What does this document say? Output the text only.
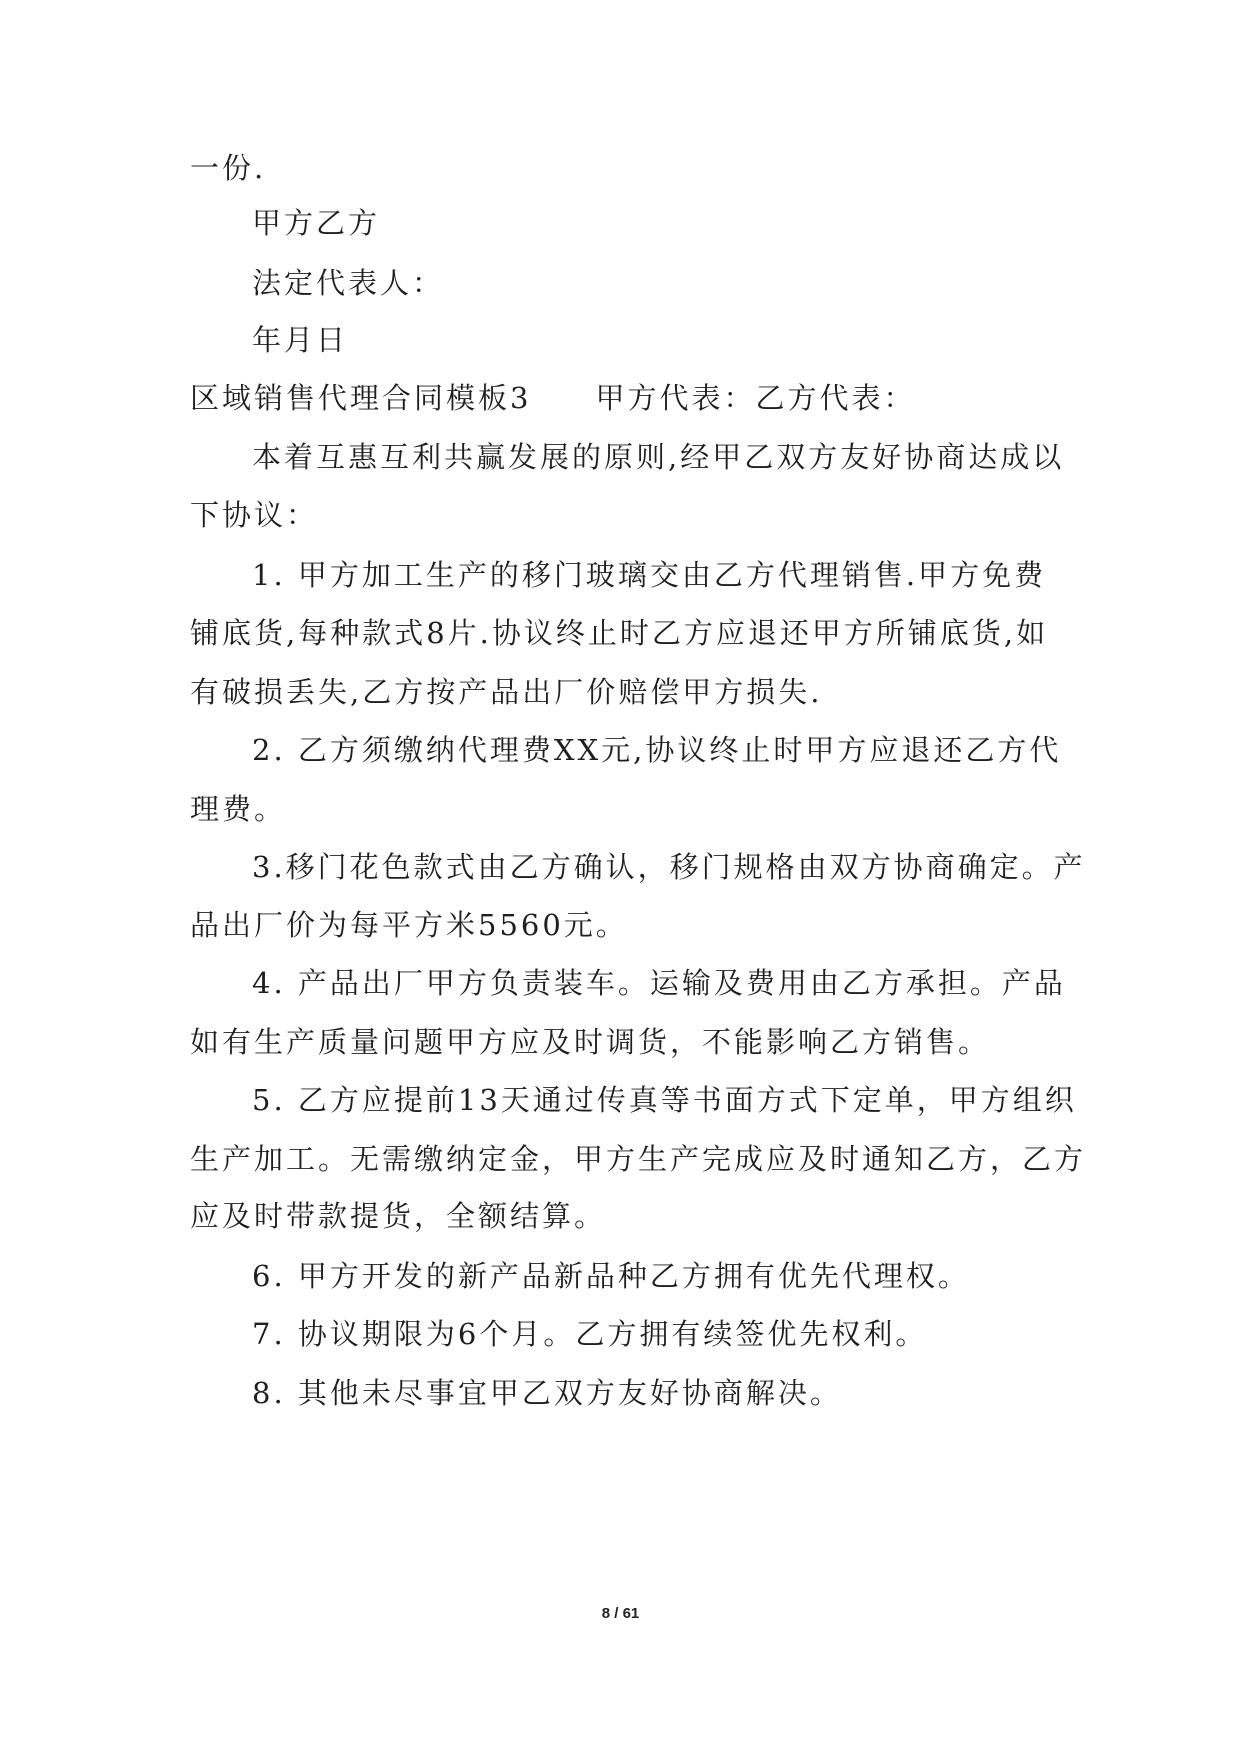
一份.
甲方乙方
法定代表人：
年月日
区域销售代理合同模板3　　甲方代表：乙方代表：
本着互惠互利共赢发展的原则,经甲乙双方友好协商达成以
下协议：
1. 甲方加工生产的移门玻璃交由乙方代理销售.甲方免费
铺底货,每种款式8片.协议终止时乙方应退还甲方所铺底货,如
有破损丢失,乙方按产品出厂价赔偿甲方损失.
2. 乙方须缴纳代理费XX元,协议终止时甲方应退还乙方代
理费。
3.移门花色款式由乙方确认，移门规格由双方协商确定。产
品出厂价为每平方米5560元。
4. 产品出厂甲方负责装车。运输及费用由乙方承担。产品
如有生产质量问题甲方应及时调货，不能影响乙方销售。
5. 乙方应提前13天通过传真等书面方式下定单，甲方组织
生产加工。无需缴纳定金，甲方生产完成应及时通知乙方，乙方
应及时带款提货，全额结算。
6. 甲方开发的新产品新品种乙方拥有优先代理权。
7. 协议期限为6个月。乙方拥有续签优先权利。
8. 其他未尽事宜甲乙双方友好协商解决。
8 / 61
